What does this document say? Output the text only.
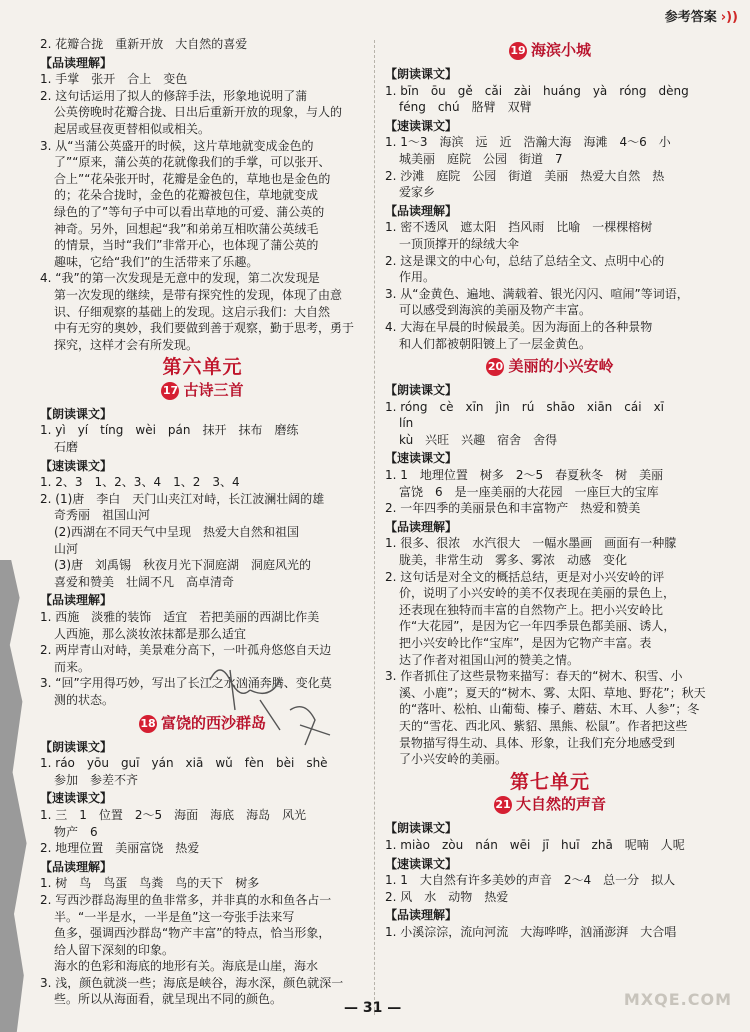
参考答案 ›))
2. 花瓣合拢　重新开放　大自然的喜爱
【品读理解】
1. 手掌　张开　合上　变色
2. 这句话运用了拟人的修辞手法，形象地说明了蒲
公英傍晚时花瓣合拢、日出后重新开放的现象，与人的
起居或昼夜更替相似或相关。
3. 从“当蒲公英盛开的时候，这片草地就变成金色的
了”“原来，蒲公英的花就像我们的手掌，可以张开、
合上”“花朵张开时，花瓣是金色的，草地也是金色的
的；花朵合拢时，金色的花瓣被包住，草地就变成
绿色的了”等句子中可以看出草地的可爱、蒲公英的
神奇。另外，回想起“我”和弟弟互相吹蒲公英绒毛
的情景，当时“我们”非常开心，也体现了蒲公英的
趣味，它给“我们”的生活带来了乐趣。
4. “我”的第一次发现是无意中的发现，第二次发现是
第一次发现的继续，是带有探究性的发现，体现了由意
识、仔细观察的基础上的发现。这启示我们：大自然
中有无穷的奥妙，我们要做到善于观察，勤于思考，勇于
探究，这样才会有所发现。
第六单元
17 古诗三首
【朗读课文】
1. yì　yí　tíng　wèi　pán　抹开　抹布　磨练
石磨
【速读课文】
1. 2、3　1、2、3、4　1、2　3、4
2. (1)唐　李白　天门山夹江对峙，长江波澜壮阔的雄
奇秀丽　祖国山河
(2)西湖在不同天气中呈现　热爱大自然和祖国
山河
(3)唐　刘禹锡　秋夜月光下洞庭湖　洞庭风光的
喜爱和赞美　壮阔不凡　高卓清奇
【品读理解】
1. 西施　淡雅的装饰　适宜　若把美丽的西湖比作美
人西施，那么淡妆浓抹都是那么适宜
2. 两岸青山对峙，美景难分高下，一叶孤舟悠悠自天边
而来。
3. “回”字用得巧妙，写出了长江之水汹涌奔腾、变化莫
测的状态。
18 富饶的西沙群岛
【朗读课文】
1. ráo　yōu　guī　yán　xiā　wǔ　fèn　bèi　shè
参加　参差不齐
【速读课文】
1. 三　1　位置　2～5　海面　海底　海岛　风光
物产　6
2. 地理位置　美丽富饶　热爱
【品读理解】
1. 树　鸟　鸟蛋　鸟粪　鸟的天下　树多
2. 写西沙群岛海里的鱼非常多，并非真的水和鱼各占一
半。“一半是水，一半是鱼”这一夸张手法来写
鱼多，强调西沙群岛“物产丰富”的特点，恰当形象，
给人留下深刻的印象。
海水的色彩和海底的地形有关。海底是山崖，海水
3. 浅，颜色就淡一些；海底是峡谷，海水深，颜色就深一
些。所以从海面看，就呈现出不同的颜色。
19 海滨小城
【朗读课文】
1. bīn　ōu　gě　cǎi　zài　huáng　yà　róng　dèng
féng　chú　胳臂　双臂
【速读课文】
1. 1～3　海滨　远　近　浩瀚大海　海滩　4～6　小
城美丽　庭院　公园　街道　7
2. 沙滩　庭院　公园　街道　美丽　热爱大自然　热
爱家乡
【品读理解】
1. 密不透风　遮太阳　挡风雨　比喻　一棵棵榕树
一顶顶撑开的绿绒大伞
2. 这是课文的中心句，总结了总结全文、点明中心的
作用。
3. 从“金黄色、遍地、满载着、银光闪闪、喧闹”等词语，
可以感受到海滨的美丽及物产丰富。
4. 大海在早晨的时候最美。因为海面上的各种景物
和人们都被朝阳镀上了一层金黄色。
20 美丽的小兴安岭
【朗读课文】
1. róng　cè　xīn　jìn　rú　shāo　xiān　cái　xī
lín
kù　兴旺　兴趣　宿舍　舍得
【速读课文】
1. 1　地理位置　树多　2～5　春夏秋冬　树　美丽
富饶　6　是一座美丽的大花园　一座巨大的宝库
2. 一年四季的美丽景色和丰富物产　热爱和赞美
【品读理解】
1. 很多、很浓　水汽很大　一幅水墨画　画面有一种朦
胧美，非常生动　雾多、雾浓　动感　变化
2. 这句话是对全文的概括总结，更是对小兴安岭的评
价，说明了小兴安岭的美不仅表现在美丽的景色上，
还表现在独特而丰富的自然物产上。把小兴安岭比
作“大花园”，是因为它一年四季景色都美丽、诱人，
把小兴安岭比作“宝库”，是因为它物产丰富。表
达了作者对祖国山河的赞美之情。
3. 作者抓住了这些景物来描写：春天的“树木、积雪、小
溪、小鹿”；夏天的“树木、雾、太阳、草地、野花”；秋天
的“落叶、松柏、山葡萄、榛子、蘑菇、木耳、人参”；冬
天的“雪花、西北风、紫貂、黑熊、松鼠”。作者把这些
景物描写得生动、具体、形象，让我们充分地感受到
了小兴安岭的美丽。
第七单元
21 大自然的声音
【朗读课文】
1. miào　zòu　nán　wēi　jī　huī　zhā　呢喃　人呢
【速读课文】
1. 1　大自然有许多美妙的声音　2～4　总一分　拟人
2. 风　水　动物　热爱
【品读理解】
1. 小溪淙淙，流向河流　大海哗哗，汹涌澎湃　大合唱
— 31 —	MXQE.COM
